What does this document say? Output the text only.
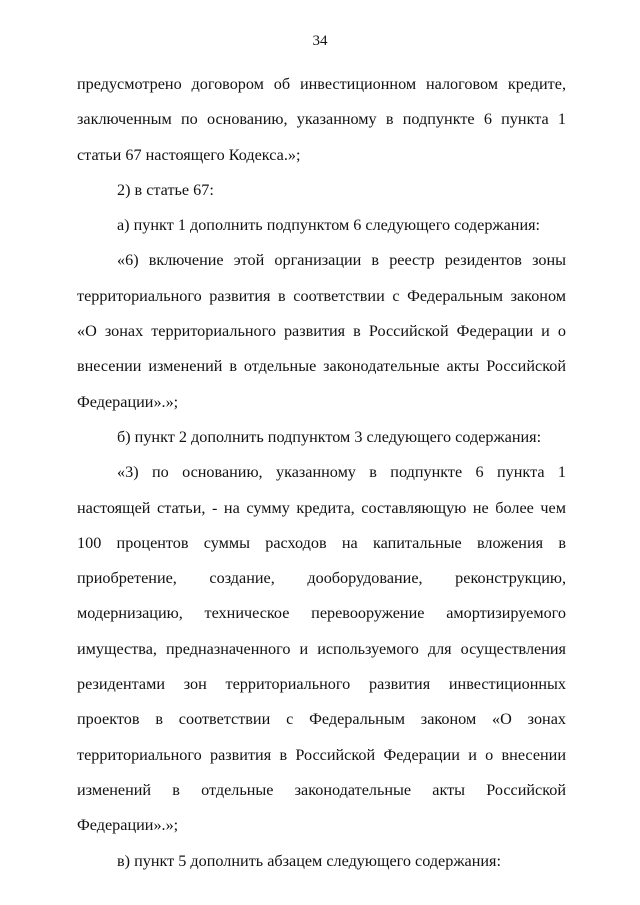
34

предусмотрено договором об инвестиционном налоговом кредите, заключенным по основанию, указанному в подпункте 6 пункта 1 статьи 67 настоящего Кодекса.»;

2) в статье 67:

а) пункт 1 дополнить подпунктом 6 следующего содержания:

«6) включение этой организации в реестр резидентов зоны территориального развития в соответствии с Федеральным законом «О зонах территориального развития в Российской Федерации и о внесении изменений в отдельные законодательные акты Российской Федерации».»;

б) пункт 2 дополнить подпунктом 3 следующего содержания:

«3) по основанию, указанному в подпункте 6 пункта 1 настоящей статьи, - на сумму кредита, составляющую не более чем 100 процентов суммы расходов на капитальные вложения в приобретение, создание, дооборудование, реконструкцию, модернизацию, техническое перевооружение амортизируемого имущества, предназначенного и используемого для осуществления резидентами зон территориального развития инвестиционных проектов в соответствии с Федеральным законом «О зонах территориального развития в Российской Федерации и о внесении изменений в отдельные законодательные акты Российской Федерации».»;

в) пункт 5 дополнить абзацем следующего содержания:
